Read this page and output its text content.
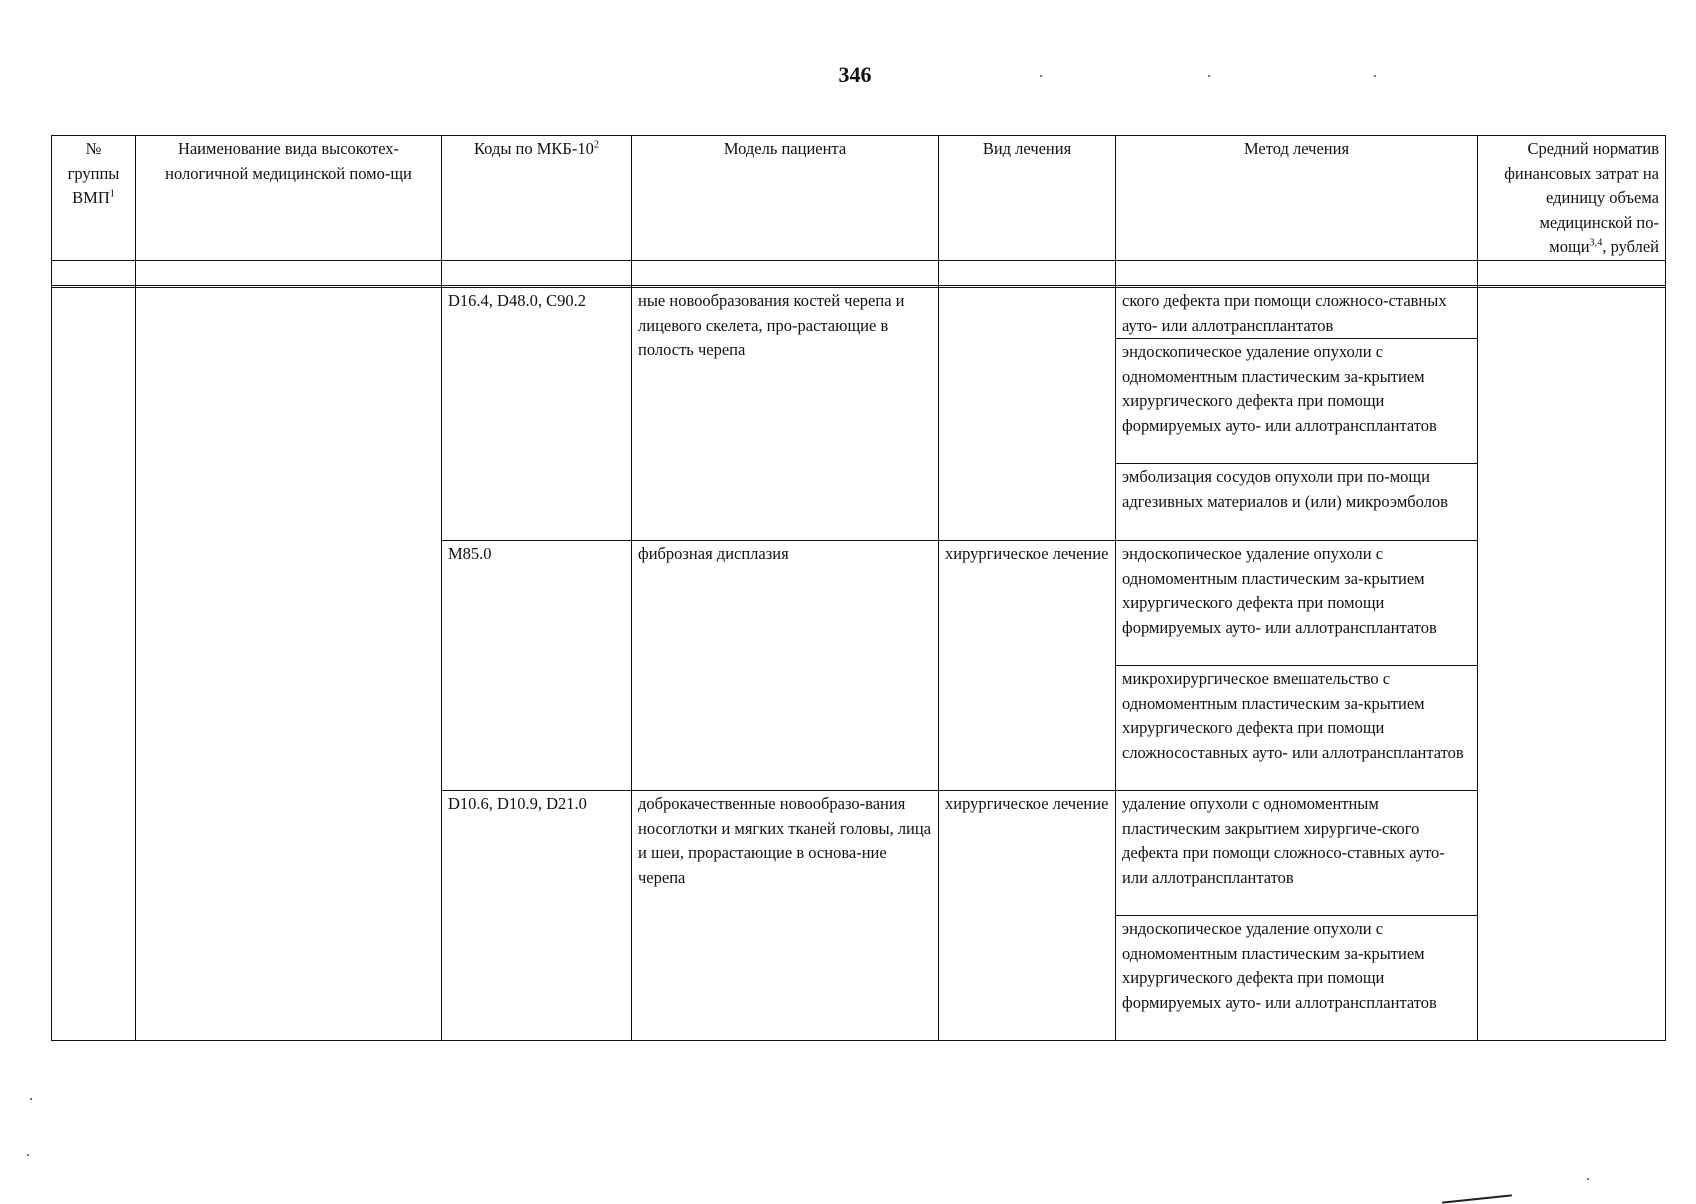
346
№ группы ВМП$^1$	Наименование вида высокотех-нологичной медицинской помо-щи	Коды по МКБ-$10^2$	Модель пациента	Вид лечения	Метод лечения	Средний норматив финансовых затрат на единицу объема медицинской по-мощи$^{3,4}$, рублей

		D16.4, D48.0, C90.2	ные новообразования костей черепа и лицевого скелета, про-растающие в полость черепа		ского дефекта при помощи сложносо-ставных ауто- или аллотрансплантатов
эндоскопическое удаление опухоли с одномоментным пластическим за-крытием хирургического дефекта при помощи формируемых ауто- или аллотрансплантатов
эмболизация сосудов опухоли при по-мощи адгезивных материалов и (или) микроэмболов	

		M85.0	фиброзная дисплазия	хирургическое лечение	эндоскопическое удаление опухоли с одномоментным пластическим за-крытием хирургического дефекта при помощи формируемых ауто- или аллотрансплантатов
микрохирургическое вмешательство с одномоментным пластическим за-крытием хирургического дефекта при помощи сложносоставных ауто- или аллотрансплантатов	

		D10.6, D10.9, D21.0	доброкачественные новообразо-вания носоглотки и мягких тканей головы, лица и шеи, прорастающие в основа-ние черепа	хирургическое лечение	удаление опухоли с одномоментным пластическим закрытием хирургиче-ского дефекта при помощи сложносо-ставных ауто- или аллотрансплантатов
эндоскопическое удаление опухоли с одномоментным пластическим за-крытием хирургического дефекта при помощи формируемых ауто- или аллотрансплантатов	
